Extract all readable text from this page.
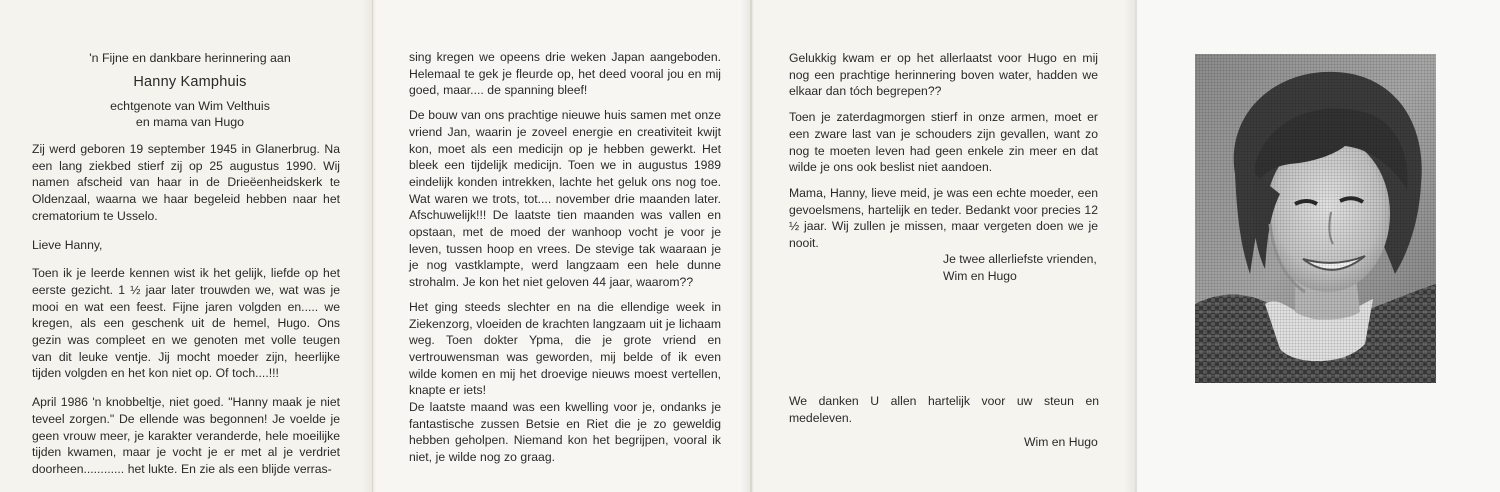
'n Fijne en dankbare herinnering aan
Hanny Kamphuis
echtgenote van Wim Velthuis
en mama van Hugo

Zij werd geboren 19 september 1945 in Glanerbrug. Na een lang ziekbed stierf zij op 25 augustus 1990. Wij namen afscheid van haar in de Drieëenheidskerk te Oldenzaal, waarna we haar begeleid hebben naar het crematorium te Usselo.

Lieve Hanny,

Toen ik je leerde kennen wist ik het gelijk, liefde op het eerste gezicht. 1 ½ jaar later trouwden we, wat was je mooi en wat een feest. Fijne jaren volgden en..... we kregen, als een geschenk uit de hemel, Hugo. Ons gezin was compleet en we genoten met volle teugen van dit leuke ventje. Jij mocht moeder zijn, heerlijke tijden volgden en het kon niet op. Of toch....!!!

April 1986 'n knobbeltje, niet goed. "Hanny maak je niet teveel zorgen." De ellende was begonnen! Je voelde je geen vrouw meer, je karakter veranderde, hele moeilijke tijden kwamen, maar je vocht je er met al je verdriet doorheen............ het lukte. En zie als een blijde verras-

sing kregen we opeens drie weken Japan aangeboden. Helemaal te gek je fleurde op, het deed vooral jou en mij goed, maar.... de spanning bleef!

De bouw van ons prachtige nieuwe huis samen met onze vriend Jan, waarin je zoveel energie en creativiteit kwijt kon, moet als een medicijn op je hebben gewerkt. Het bleek een tijdelijk medicijn. Toen we in augustus 1989 eindelijk konden intrekken, lachte het geluk ons nog toe. Wat waren we trots, tot.... november drie maanden later. Afschuwelijk!!! De laatste tien maanden was vallen en opstaan, met de moed der wanhoop vocht je voor je leven, tussen hoop en vrees. De stevige tak waaraan je je nog vastklampte, werd langzaam een hele dunne strohalm. Je kon het niet geloven 44 jaar, waarom??

Het ging steeds slechter en na die ellendige week in Ziekenzorg, vloeiden de krachten langzaam uit je lichaam weg. Toen dokter Ypma, die je grote vriend en vertrouwensman was geworden, mij belde of ik even wilde komen en mij het droevige nieuws moest vertellen, knapte er iets!

De laatste maand was een kwelling voor je, ondanks je fantastische zussen Betsie en Riet die je zo geweldig hebben geholpen. Niemand kon het begrijpen, vooral ik niet, je wilde nog zo graag.

Gelukkig kwam er op het allerlaatst voor Hugo en mij nog een prachtige herinnering boven water, hadden we elkaar dan tóch begrepen??

Toen je zaterdagmorgen stierf in onze armen, moet er een zware last van je schouders zijn gevallen, want zo nog te moeten leven had geen enkele zin meer en dat wilde je ons ook beslist niet aandoen.

Mama, Hanny, lieve meid, je was een echte moeder, een gevoelsmens, hartelijk en teder. Bedankt voor precies 12 ½ jaar. Wij zullen je missen, maar vergeten doen we je nooit.

Je twee allerliefste vrienden,
Wim en Hugo
We danken U allen hartelijk voor uw steun en medeleven.
Wim en Hugo
